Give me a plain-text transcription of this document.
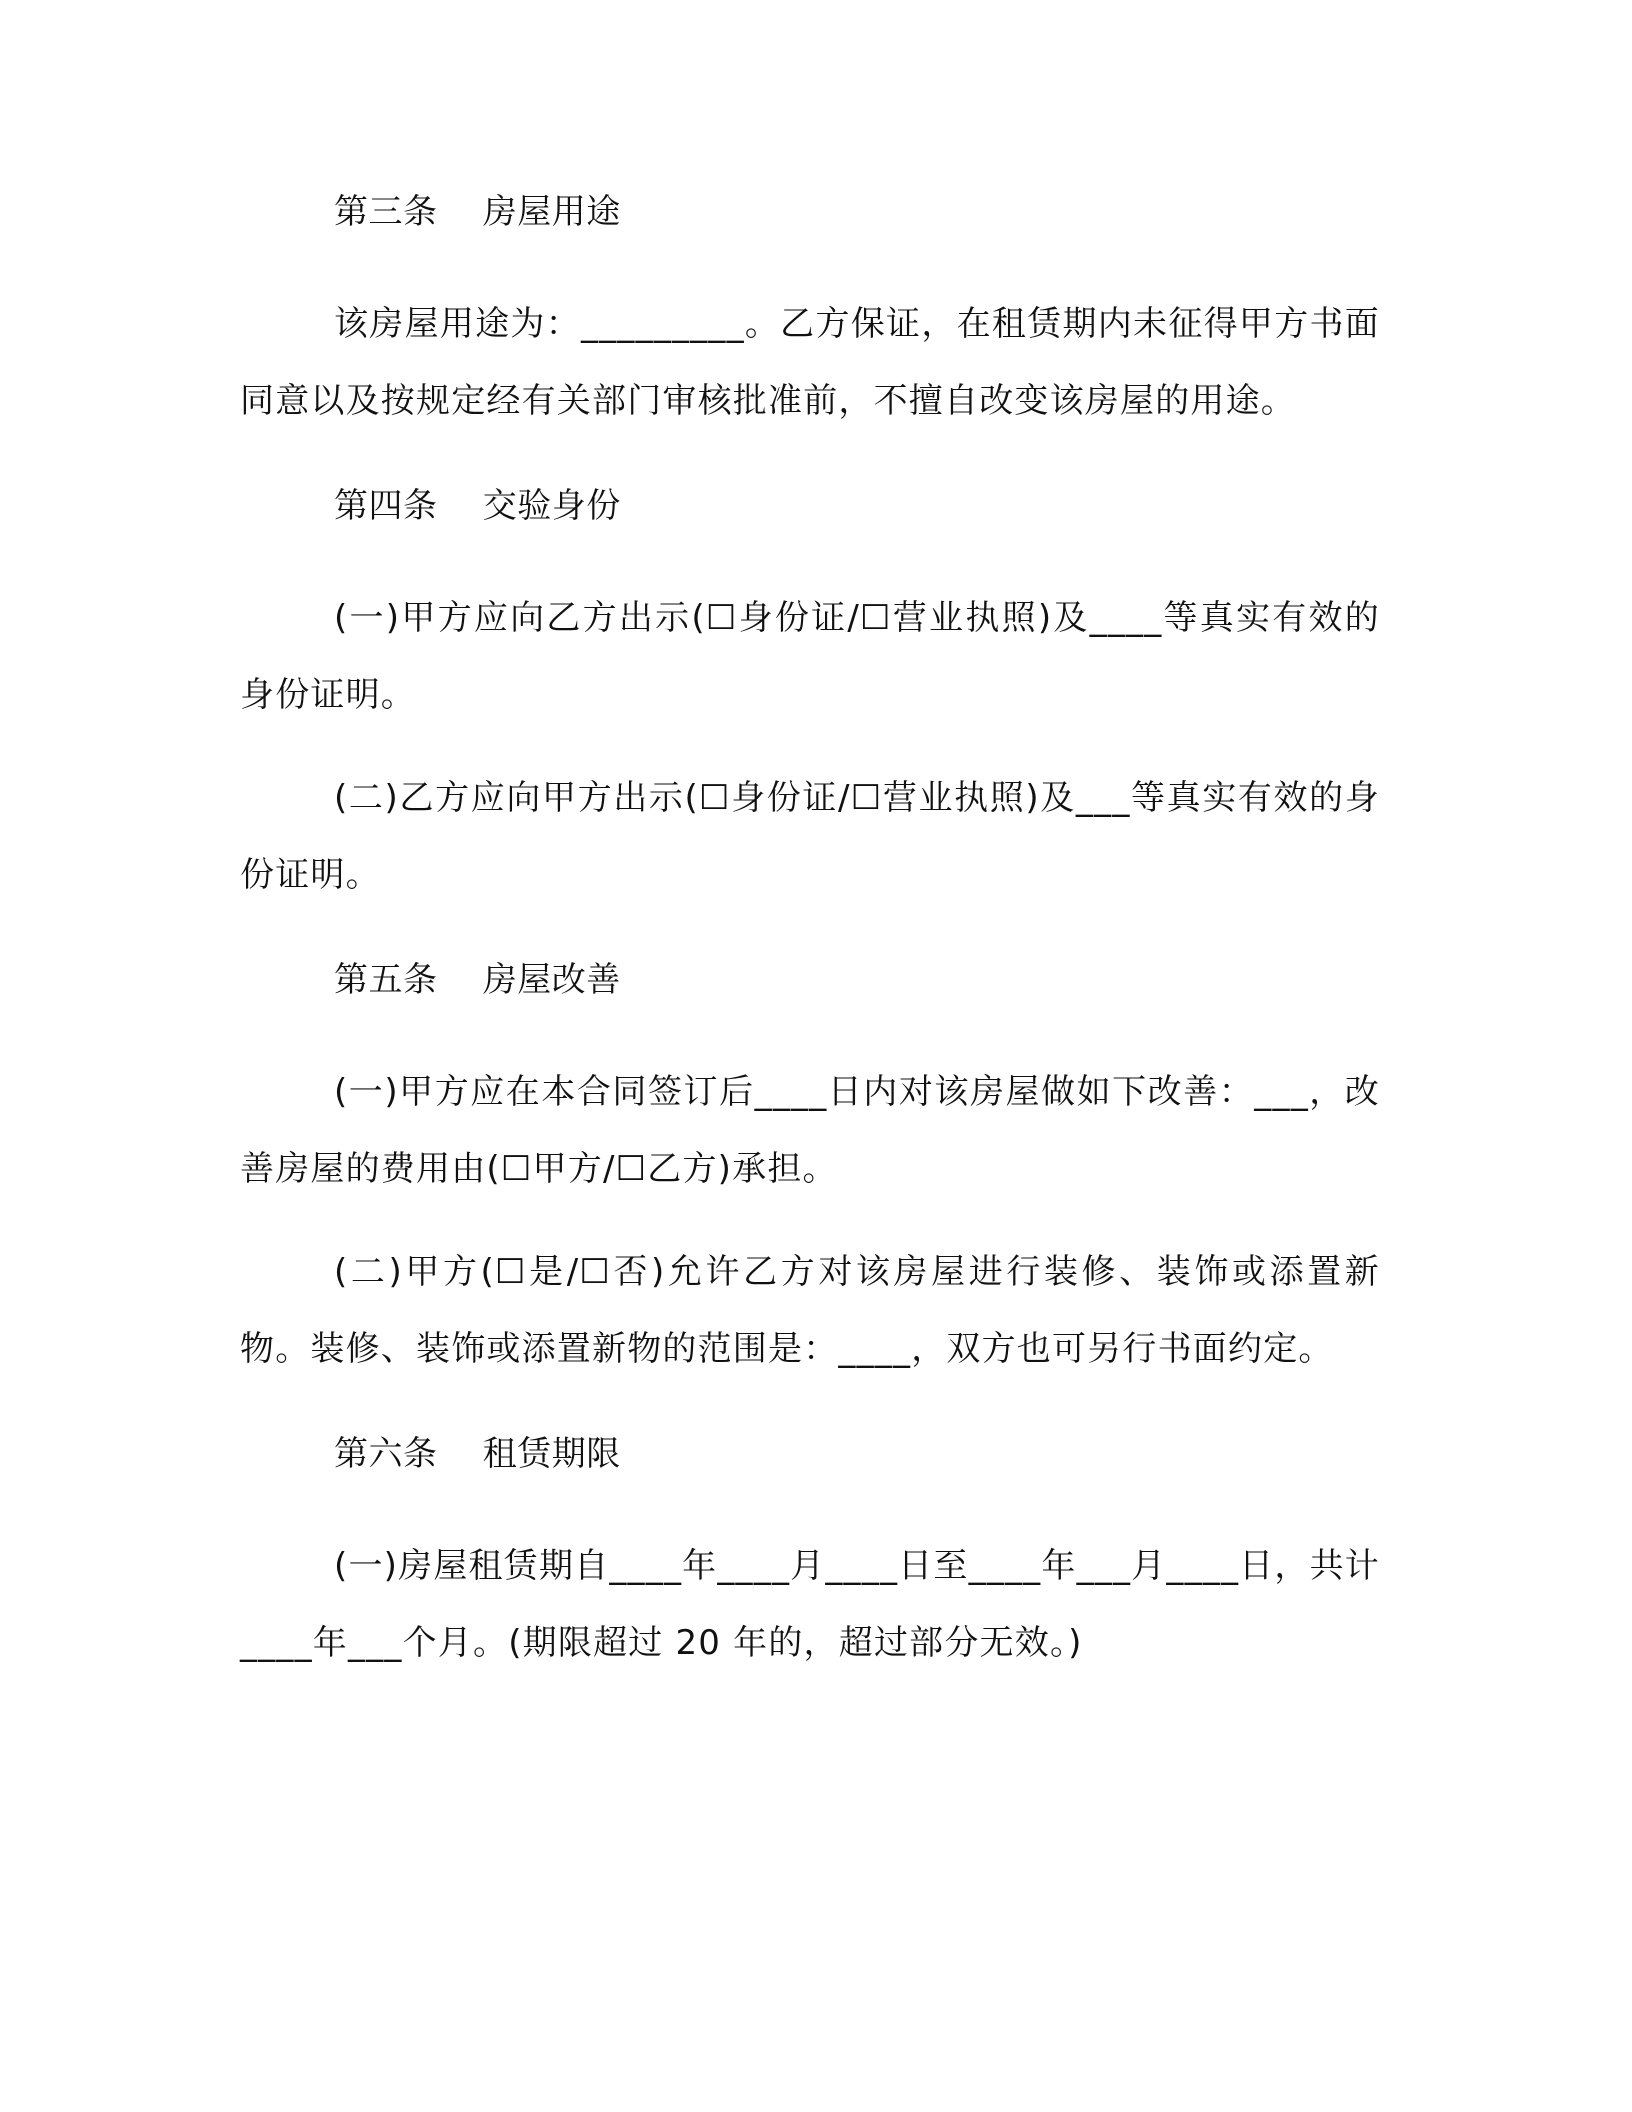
第三条    房屋用途

该房屋用途为：_________。乙方保证，在租赁期内未征得甲方书面同意以及按规定经有关部门审核批准前，不擅自改变该房屋的用途。

第四条    交验身份

(一)甲方应向乙方出示(☐身份证/☐营业执照)及____等真实有效的身份证明。

(二)乙方应向甲方出示(☐身份证/☐营业执照)及___等真实有效的身份证明。

第五条    房屋改善

(一)甲方应在本合同签订后____日内对该房屋做如下改善：___，改善房屋的费用由(☐甲方/☐乙方)承担。

(二)甲方(☐是/☐否)允许乙方对该房屋进行装修、装饰或添置新物。装修、装饰或添置新物的范围是：____，双方也可另行书面约定。

第六条    租赁期限

(一)房屋租赁期自____年____月____日至____年___月____日，共计____年___个月。(期限超过 20 年的，超过部分无效。)
